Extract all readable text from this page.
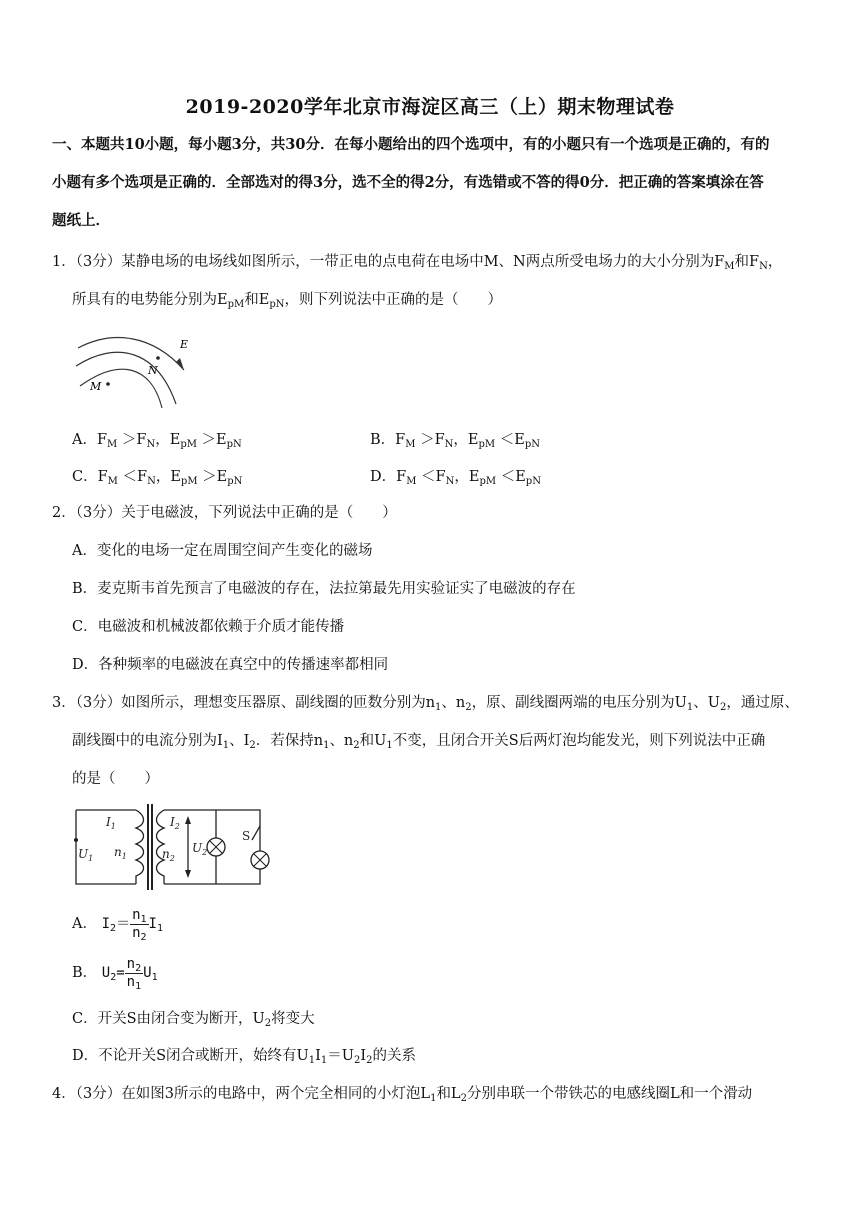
2019-2020学年北京市海淀区高三（上）期末物理试卷
一、本题共10小题，每小题3分，共30分．在每小题给出的四个选项中，有的小题只有一个选项是正确的，有的
小题有多个选项是正确的．全部选对的得3分，选不全的得2分，有选错或不答的得0分．把正确的答案填涂在答
题纸上．
1．（3分）某静电场的电场线如图所示，一带正电的点电荷在电场中M、N两点所受电场力的大小分别为$F_M$和$F_N$，
所具有的电势能分别为$E_{pM}$和$E_{pN}$，则下列说法中正确的是（　　）
E
N
M
A．$F_M >F_N$，$E_{pM} >E_{pN}$	B．$F_M >F_N$，$E_{pM} <E_{pN}$
C．$F_M <F_N$，$E_{pM} >E_{pN}$	D．$F_M <F_N$，$E_{pM} <E_{pN}$
2．（3分）关于电磁波，下列说法中正确的是（　　）
A．变化的电场一定在周围空间产生变化的磁场
B．麦克斯韦首先预言了电磁波的存在，法拉第最先用实验证实了电磁波的存在
C．电磁波和机械波都依赖于介质才能传播
D．各种频率的电磁波在真空中的传播速率都相同
3．（3分）如图所示，理想变压器原、副线圈的匝数分别为$n_1$、$n_2$，原、副线圈两端的电压分别为$U_1$、$U_2$，通过原、
副线圈中的电流分别为$I_1$、$I_2$．若保持$n_1$、$n_2$和$U_1$不变，且闭合开关S后两灯泡均能发光，则下列说法中正确
的是（　　）
$I_1$
$U_1$ $n_1$
$I_2$
$n_2$
$U_2$
S
A． $I_2= \frac{n_1}{n_2} I_1$
B． $U_2= \frac{n_2}{n_1} U_1$
C．开关S由闭合变为断开，$U_2$将变大
D．不论开关S闭合或断开，始终有$U_1I_1=U_2I_2$的关系
4．（3分）在如图3所示的电路中，两个完全相同的小灯泡$L_1$和$L_2$分别串联一个带铁芯的电感线圈L和一个滑动
